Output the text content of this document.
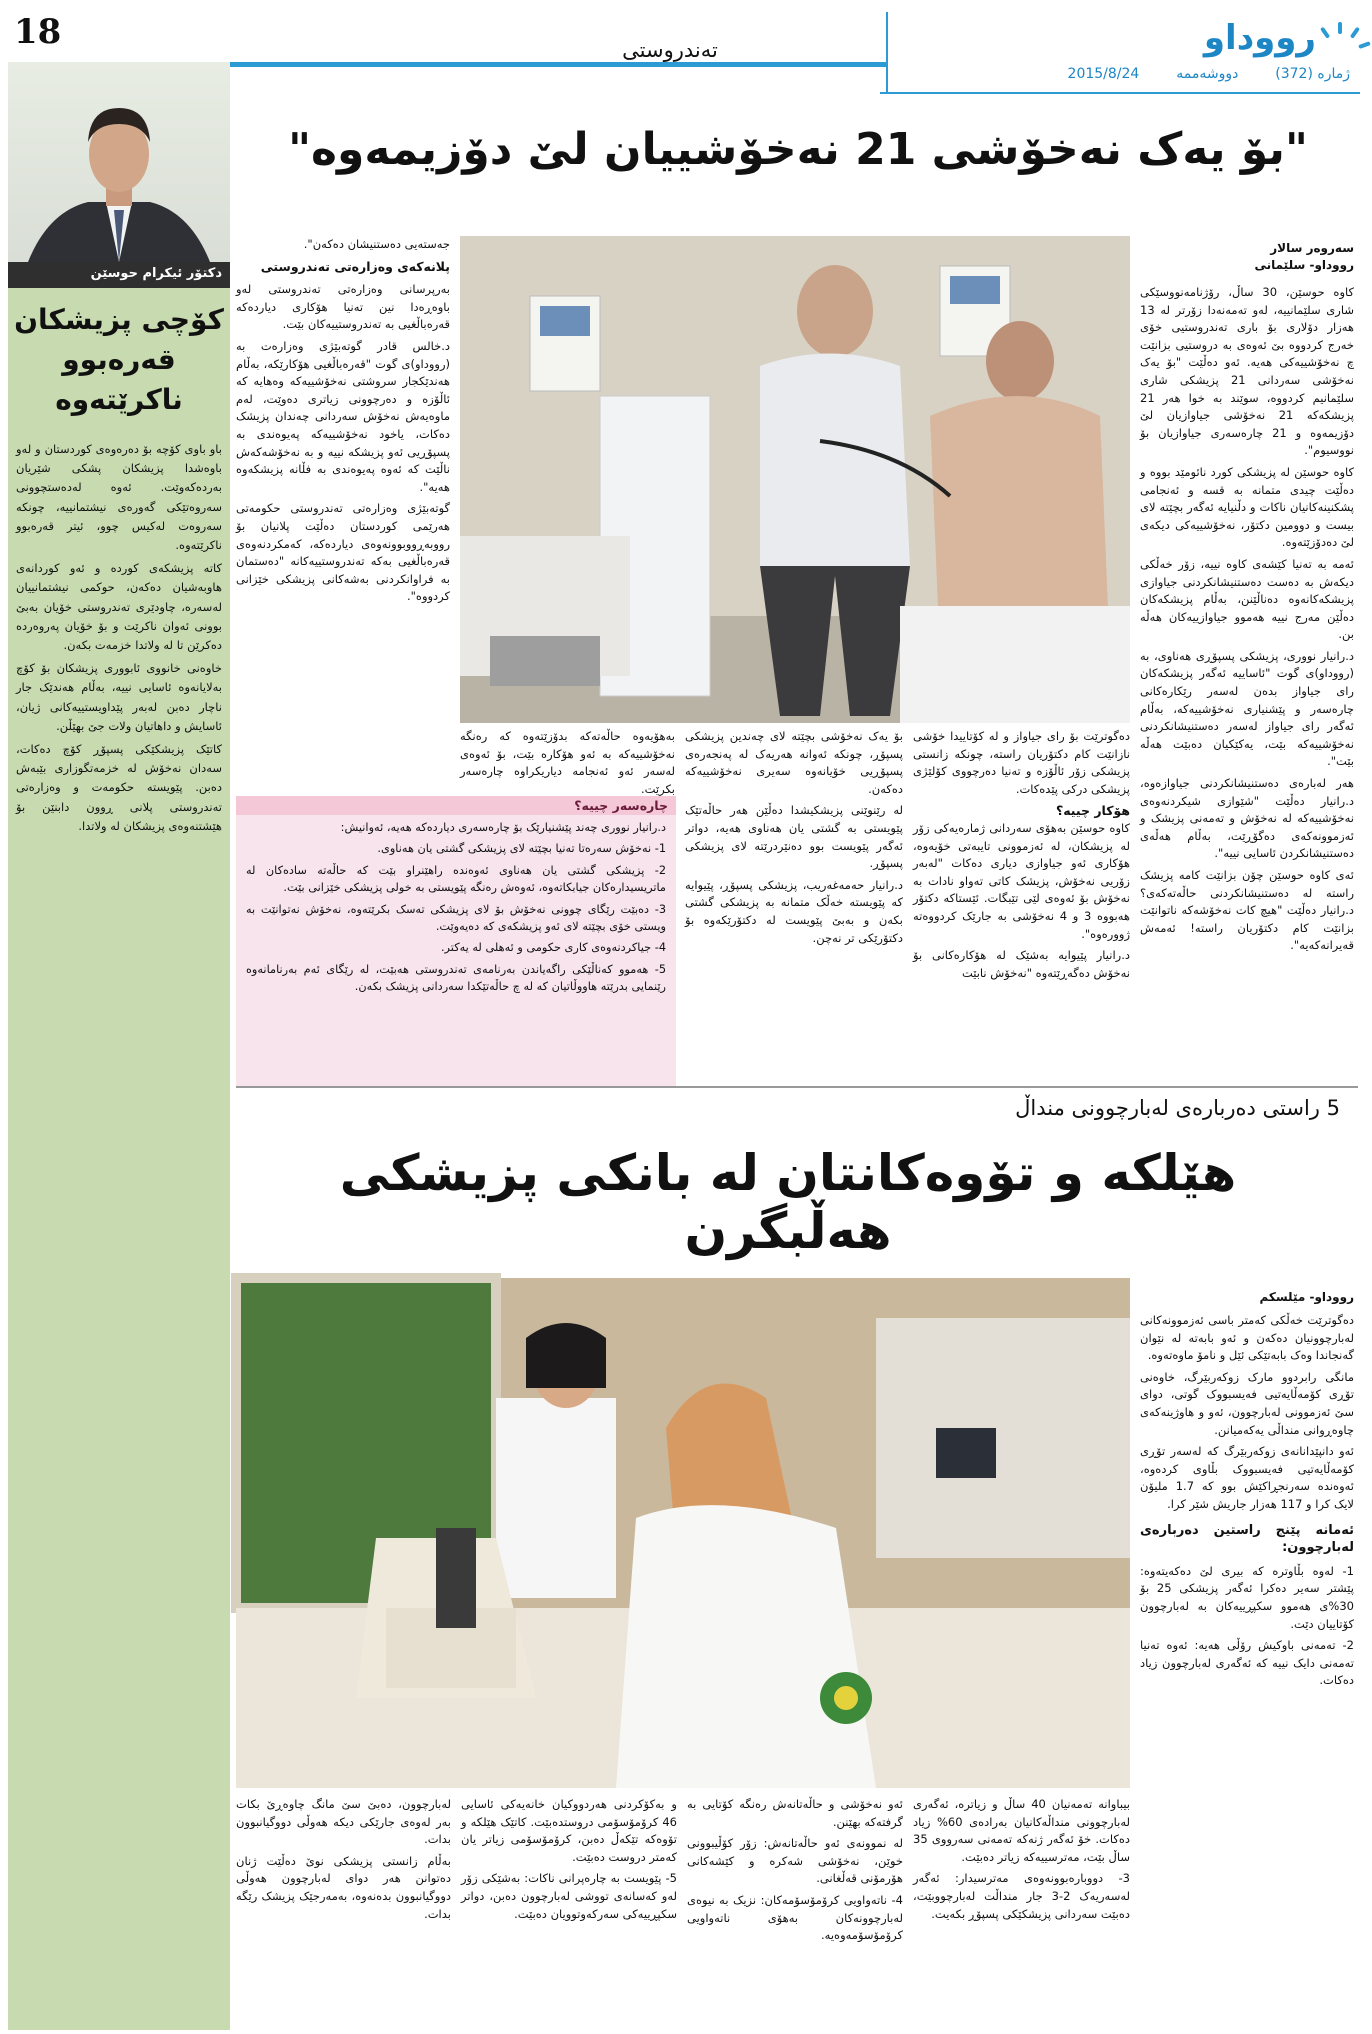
18	تەندروستی	رووداو
ژمارە (372)  دووشەممە  2015/8/24
دکتۆر ئیکرام حوسێن
کۆچی پزیشکان
قەرەبوو
ناکرێتەوە

باو باوی کۆچە بۆ دەرەوەی کوردستان و لەو باوەشدا پزیشکان پشکی شێریان بەردەکەوێت. ئەوە لەدەستچوونی سەروەتێکی گەورەی نیشتمانییە، چونکە سەروەت لەکیس چوو، ئیتر قەرەبوو ناکرێتەوە.

کاتە پزیشکەی کوردە و ئەو کوردانەی هاوبەشیان دەکەن، حوکمی نیشتمانییان لەسەرە، چاودێری تەندروستی خۆیان بەبێ بوونی ئەوان ناکرێت و بۆ خۆیان پەروەردە دەکرێن تا لە ولاتدا خزمەت بکەن.

خاوەنی خانووی ئابووری پزیشکان بۆ کۆچ بەلایانەوە ئاسایی نییە، بەڵام هەندێک جار ناچار دەبن لەبەر پێداویستییەکانی ژیان، ئاسایش و داهاتیان ولات جێ بهێڵن.

کاتێک پزیشکێکی پسپۆڕ کۆچ دەکات، سەدان نەخۆش لە خزمەتگوزاری بێبەش دەبن. پێویستە حکومەت و وەزارەتی تەندروستی پلانی ڕوون دابنێن بۆ هێشتنەوەی پزیشکان لە ولاتدا.

"بۆ یەک نەخۆشی 21 نەخۆشییان لێ دۆزیمەوە"
سەروەر سالار
رووداو- سلێمانی

کاوە حوسێن، 30 ساڵ، رۆژنامەنووسێکی شاری سلێمانییە، لەو تەمەنەدا زۆرتر لە 13 هەزار دۆلاری بۆ باری تەندروستیی خۆی خەرج کردووە بێ ئەوەی بە دروستیی بزانێت چ نەخۆشییەکی هەیە. ئەو دەڵێت "بۆ یەک نەخۆشی سەردانی 21 پزیشکی شاری سلێمانیم کردووە، سوێند بە خوا هەر 21 پزیشکەکە 21 نەخۆشی جیاوازیان لێ دۆزیمەوە و 21 چارەسەری جیاوازیان بۆ نووسیوم".

کاوە حوسێن لە پزیشکی کورد نائومێد بووە و دەڵێت چیدی متمانە بە قسە و ئەنجامی پشکنینەکانیان ناکات و دڵنیایە ئەگەر بچێتە لای بیست و دوومین دکتۆر، نەخۆشییەکی دیکەی لێ دەدۆزێتەوە.

ئەمە بە تەنیا کێشەی کاوە نییە، زۆر خەڵکی دیکەش بە دەست دەستنیشانکردنی جیاوازی پزیشکەکانەوە دەناڵێنن، بەڵام پزیشکەکان دەڵێن مەرج نییە هەموو جیاوازییەکان هەڵە بن.

د.رانیار نووری، پزیشکی پسپۆڕی هەناوی، بە (رووداو)ی گوت "ئاساییە ئەگەر پزیشکەکان رای جیاواز بدەن لەسەر رێکارەکانی چارەسەر و پێشنیاری نەخۆشییەکە، بەڵام ئەگەر رای جیاواز لەسەر دەستنیشانکردنی نەخۆشییەکە بێت، یەکێکیان دەبێت هەڵە بێت".

هەر لەبارەی دەستنیشانکردنی جیاوازەوە، د.رانیار دەڵێت "شێوازی شیکردنەوەی نەخۆشییەکە لە نەخۆش و تەمەنی پزیشک و ئەزموونەکەی دەگۆڕێت، بەڵام هەڵەی دەستنیشانکردن ئاسایی نییە".

ئەی کاوە حوسێن چۆن بزانێت کامە پزیشک راستە لە دەستنیشانکردنی حاڵەتەکەی؟ د.رانیار دەڵێت "هیچ کات نەخۆشەکە ناتوانێت بزانێت کام دکتۆریان راستە! ئەمەش قەیرانەکەیە".

دەگوترێت بۆ رای جیاواز و لە کۆتاییدا خۆشی نازانێت کام دکتۆریان راستە، چونکە زانستی پزیشکی زۆر ئاڵۆزە و تەنیا دەرچووی کۆلێژی پزیشکی درکی پێدەکات.

هۆکار چییە؟

کاوە حوسێن بەهۆی سەردانی ژمارەیەکی زۆر لە پزیشکان، لە ئەزموونی تایبەتی خۆیەوە، هۆکاری ئەو جیاوازی دیاری دەکات "لەبەر زۆریی نەخۆش، پزیشک کاتی تەواو نادات بە نەخۆش بۆ ئەوەی لێی تێبگات. ئێستاکە دکتۆر هەبووە 3 و 4 نەخۆشی بە جارێک کردووەتە ژوورەوە".

د.رانیار پێیوایە بەشێک لە هۆکارەکانی بۆ نەخۆش دەگەڕێتەوە "نەخۆش نابێت

بۆ یەک نەخۆشی بچێتە لای چەندین پزیشکی پسپۆڕ، چونکە ئەوانە هەریەک لە پەنجەرەی پسپۆڕیی خۆیانەوە سەیری نەخۆشییەکە دەکەن.

لە رێنوێنی پزیشکیشدا دەڵێن هەر حاڵەتێک پێویستی بە گشتی یان هەناوی هەیە، دواتر ئەگەر پێویست بوو دەنێردرێتە لای پزیشکی پسپۆڕ.

د.رانیار حەمەغەریب، پزیشکی پسپۆڕ، پێیوایە کە پێویستە خەڵک متمانە بە پزیشکی گشتی بکەن و بەبێ پێویست لە دکتۆرێکەوە بۆ دکتۆرێکی تر نەچن.

بەهۆیەوە حاڵەتەکە بدۆزێتەوە کە رەنگە نەخۆشییەکە بە ئەو هۆکارە بێت، بۆ ئەوەی لەسەر ئەو ئەنجامە دیاریکراوە چارەسەر بکرێت.

جەستەیی دەستنیشان دەکەن".

پلانەکەی وەزارەتی تەندروستی

بەرپرسانی وەزارەتی تەندروستی لەو باوەڕەدا نین تەنیا هۆکاری دیاردەکە قەرەباڵغیی بە تەندروستییەکان بێت.

د.خالس قادر گوتەبێژی وەزارەت بە (رووداو)ی گوت "قەرەباڵغیی هۆکارێکە، بەڵام هەندێکجار سروشتی نەخۆشییەکە وەهایە کە ئاڵۆزە و دەرچوونی زیاتری دەوێت، لەم ماوەیەش نەخۆش سەردانی چەندان پزیشک دەکات، یاخود نەخۆشییەکە پەیوەندی بە پسپۆڕیی ئەو پزیشکە نییە و بە نەخۆشەکەش ناڵێت کە ئەوە پەیوەندی بە فڵانە پزیشکەوە هەیە".

گوتەبێژی وەزارەتی تەندروستی حکومەتی هەرێمی کوردستان دەڵێت پلانیان بۆ رووبەڕووبوونەوەی دیاردەکە، کەمکردنەوەی قەرەباڵغیی بەکە تەندروستییەکانە "دەستمان بە فراوانکردنی بەشەکانی پزیشکی خێزانی کردووە".

چارەسەر چییە؟

د.رانیار نووری چەند پێشنیارێک بۆ چارەسەری دیاردەکە هەیە، ئەوانیش:

1- نەخۆش سەرەتا تەنیا بچێتە لای پزیشکی گشتی یان هەناوی.

2- پزیشکی گشتی یان هەناوی ئەوەندە راهێنراو بێت کە حاڵەتە سادەکان لە ماتریسیدارەکان جیابکاتەوە، ئەوەش رەنگە پێویستی بە خولی پزیشکی خێزانی بێت.

3- دەبێت رێگای چوونی نەخۆش بۆ لای پزیشکی تەسک بکرێتەوە، نەخۆش نەتوانێت بە ویستی خۆی بچێتە لای ئەو پزیشکەی کە دەیەوێت.

4- جیاکردنەوەی کاری حکومی و ئەهلی لە یەکتر.

5- هەموو کەناڵێکی راگەیاندن بەرنامەی تەندروستی هەبێت، لە رێگای ئەم بەرنامانەوە رێنمایی بدرێتە هاووڵاتیان کە لە چ حاڵەتێکدا سەردانی پزیشک بکەن.

5 راستی دەربارەی لەبارچوونی منداڵ
هێلکە و تۆوەکانتان لە بانکی پزیشکی هەڵبگرن
رووداو- مێلسکم

دەگوترێت خەڵکی کەمتر باسی ئەزموونەکانی لەبارچوونیان دەکەن و ئەو بابەتە لە نێوان گەنجاندا وەک بابەتێکی ئێل و نامۆ ماوەتەوە.

مانگی رابردوو مارک زوکەربێرگ، خاوەنی تۆڕی کۆمەڵایەتیی فەیسبووک گوتی، دوای سێ ئەزموونی لەبارچوون، ئەو و هاوژینەکەی چاوەڕوانی منداڵی یەکەمیانن.

ئەو دانپێدانانەی زوکەربێرگ کە لەسەر تۆڕی کۆمەڵایەتیی فەیسبووک بڵاوی کردەوە، ئەوەندە سەرنجڕاکێش بوو کە 1.7 ملیۆن لایک کرا و 117 هەزار جاریش شێر کرا.

ئەمانە پێنج راستین دەربارەی لەبارچوون:

1- لەوە بڵاوترە کە بیری لێ دەکەیتەوە: پێشتر سەیر دەکرا ئەگەر پزیشکی 25 بۆ 30%ی هەموو سکپڕییەکان بە لەبارچوون کۆتاییان دێت.

2- تەمەنی باوکیش رۆڵی هەیە: ئەوە تەنیا تەمەنی دایک نییە کە ئەگەری لەبارچوون زیاد دەکات.

بیباوانە تەمەنیان 40 ساڵ و زیاترە، ئەگەری لەبارچوونی منداڵەکانیان بەرادەی 60% زیاد دەکات. خۆ ئەگەر ژنەکە تەمەنی سەرووی 35 ساڵ بێت، مەترسییەکە زیاتر دەبێت.

3- دووبارەبوونەوەی مەترسیدار: ئەگەر لەسەریەک 2-3 جار منداڵت لەبارچووبێت، دەبێت سەردانی پزیشکێکی پسپۆڕ بکەیت.

ئەو نەخۆشی و حاڵەتانەش رەنگە کۆتایی بە گرفتەکە بهێنن.

لە نموونەی ئەو حاڵەتانەش: زۆر کۆڵیبوونی خوێن، نەخۆشی شەکرە و کێشەکانی هۆرمۆنی قەڵغانی.

4- ناتەواویی کرۆمۆسۆمەکان: نزیک بە نیوەی لەبارچوونەکان بەهۆی ناتەواویی کرۆمۆسۆمەوەیە.

و بەکۆکردنی هەردووکیان خانەیەکی ئاسایی 46 کرۆمۆسۆمی دروستدەبێت. کاتێک هێلکە و تۆوەکە تێکەڵ دەبن، کرۆمۆسۆمی زیاتر یان کەمتر دروست دەبێت.

5- پێویست بە چارەپرانی ناکات: بەشێکی زۆر لەو کەسانەی تووشی لەبارچوون دەبن، دواتر سکپڕییەکی سەرکەوتوویان دەبێت.

لەبارچوون، دەبێ سێ مانگ چاوەڕێ بکات بەر لەوەی جارێکی دیکە هەوڵی دووگیانبوون بدات.

بەڵام زانستی پزیشکی نوێ دەڵێت ژنان دەتوانن هەر دوای لەبارچوون هەوڵی دووگیانبوون بدەنەوە، بەمەرجێک پزیشک رێگە بدات.
